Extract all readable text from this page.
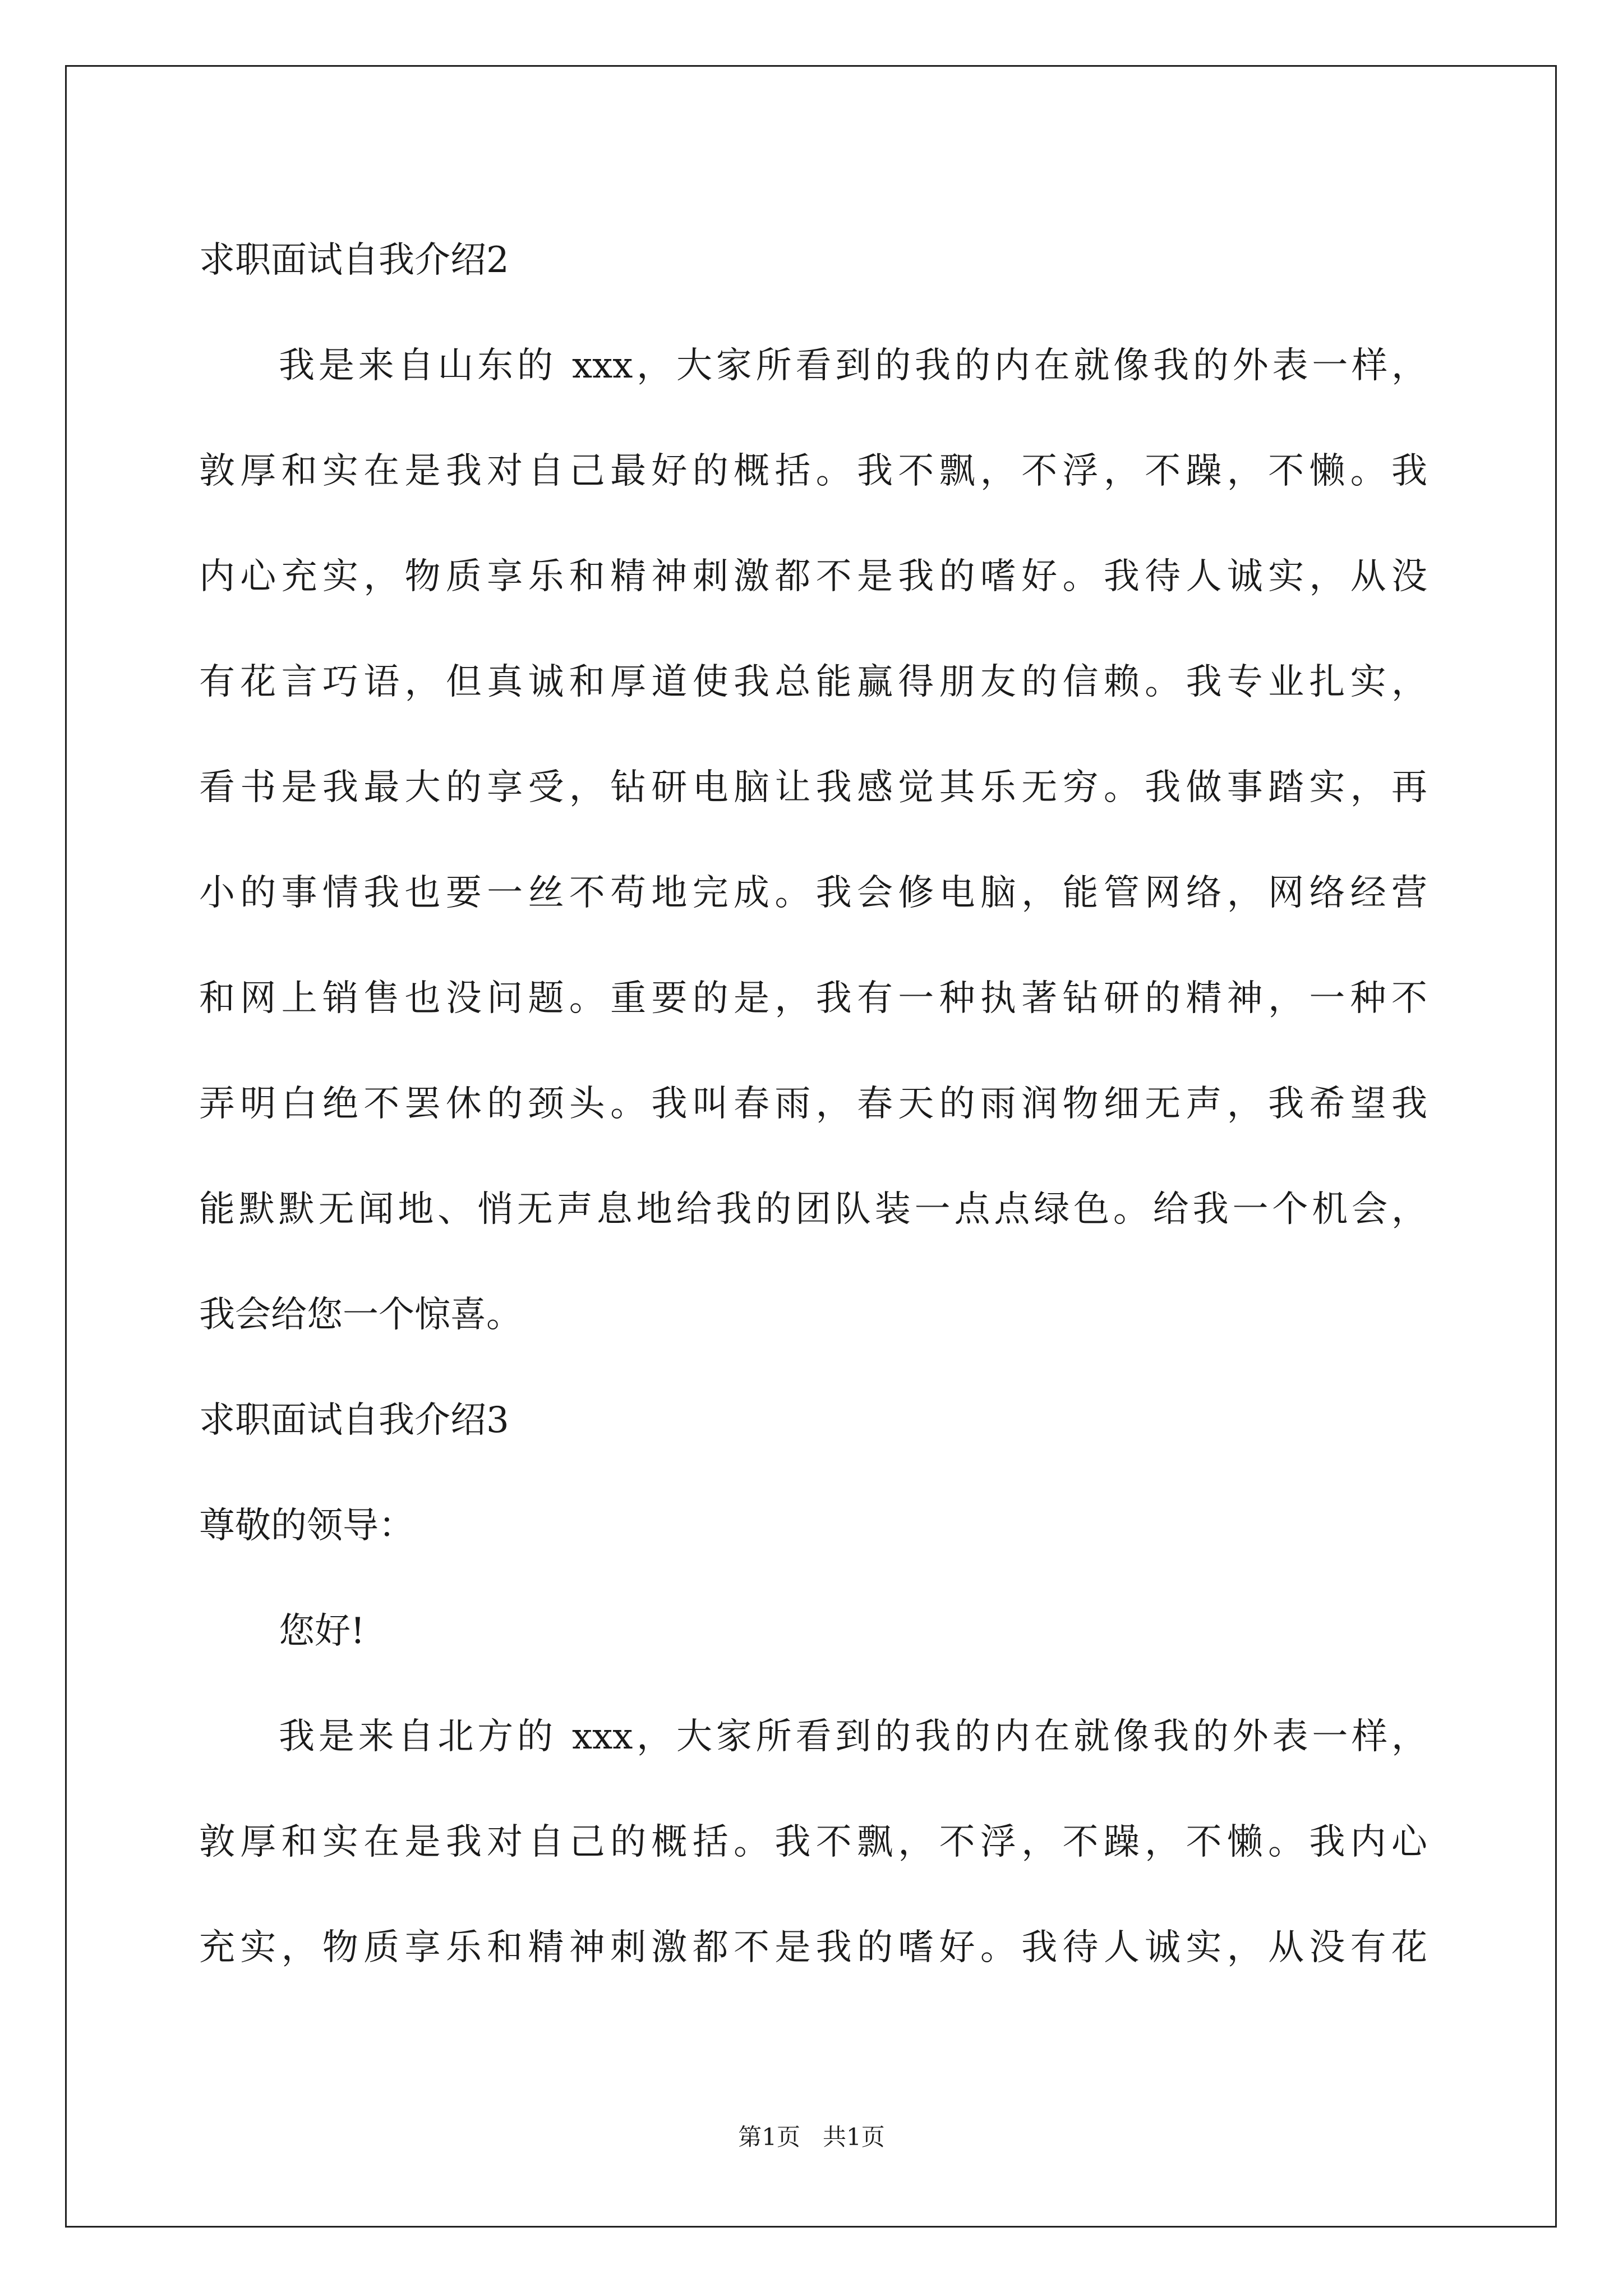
求职面试自我介绍2
我是来自山东的 xxx，大家所看到的我的内在就像我的外表一样，
敦厚和实在是我对自己最好的概括。我不飘，不浮，不躁，不懒。我
内心充实，物质享乐和精神刺激都不是我的嗜好。我待人诚实，从没
有花言巧语，但真诚和厚道使我总能赢得朋友的信赖。我专业扎实，
看书是我最大的享受，钻研电脑让我感觉其乐无穷。我做事踏实，再
小的事情我也要一丝不苟地完成。我会修电脑，能管网络，网络经营
和网上销售也没问题。重要的是，我有一种执著钻研的精神，一种不
弄明白绝不罢休的颈头。我叫春雨，春天的雨润物细无声，我希望我
能默默无闻地、悄无声息地给我的团队装一点点绿色。给我一个机会，
我会给您一个惊喜。
求职面试自我介绍3
尊敬的领导：
您好!
我是来自北方的 xxx，大家所看到的我的内在就像我的外表一样，
敦厚和实在是我对自己的概括。我不飘，不浮，不躁，不懒。我内心
充实，物质享乐和精神刺激都不是我的嗜好。我待人诚实，从没有花
第1页 共1页
